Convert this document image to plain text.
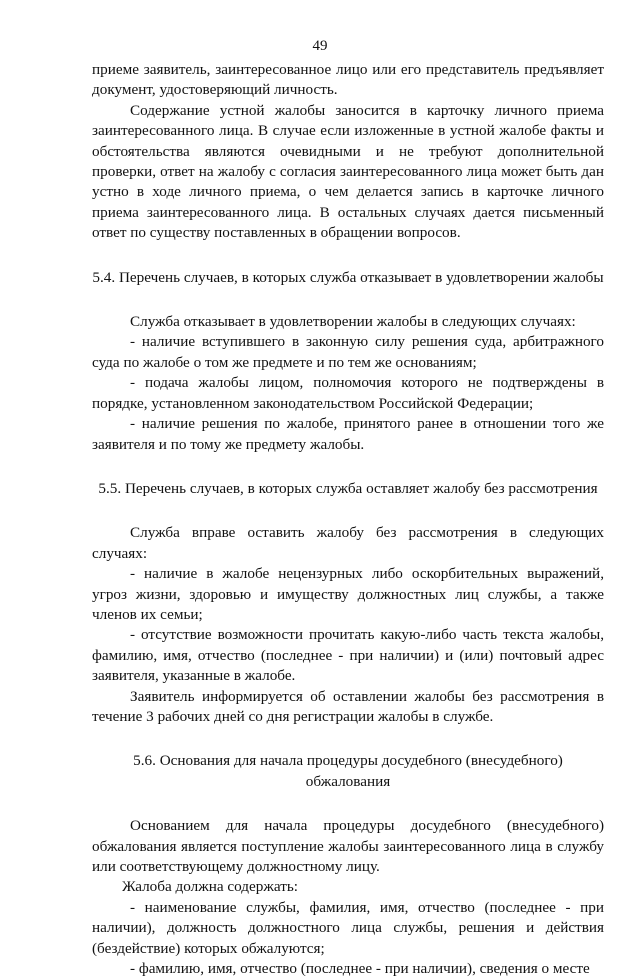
49

приеме заявитель, заинтересованное лицо или его представитель предъявляет документ, удостоверяющий личность.

Содержание устной жалобы заносится в карточку личного приема заинтересованного лица. В случае если изложенные в устной жалобе факты и обстоятельства являются очевидными и не требуют дополнительной проверки, ответ на жалобу с согласия заинтересованного лица может быть дан устно в ходе личного приема, о чем делается запись в карточке личного приема заинтересованного лица. В остальных случаях дается письменный ответ по существу поставленных в обращении вопросов.

5.4. Перечень случаев, в которых служба отказывает в удовлетворении жалобы

Служба отказывает в удовлетворении жалобы в следующих случаях:

- наличие вступившего в законную силу решения суда, арбитражного суда по жалобе о том же предмете и по тем же основаниям;

- подача жалобы лицом, полномочия которого не подтверждены в порядке, установленном законодательством Российской Федерации;

- наличие решения по жалобе, принятого ранее в отношении того же заявителя и по тому же предмету жалобы.

5.5. Перечень случаев, в которых служба оставляет жалобу без рассмотрения

Служба вправе оставить жалобу без рассмотрения в следующих случаях:

- наличие в жалобе нецензурных либо оскорбительных выражений, угроз жизни, здоровью и имуществу должностных лиц службы, а также членов их семьи;

- отсутствие возможности прочитать какую-либо часть текста жалобы, фамилию, имя, отчество (последнее - при наличии) и (или) почтовый адрес заявителя, указанные в жалобе.

Заявитель информируется об оставлении жалобы без рассмотрения в течение 3 рабочих дней со дня регистрации жалобы в службе.

5.6. Основания для начала процедуры досудебного (внесудебного) обжалования

Основанием для начала процедуры досудебного (внесудебного) обжалования является поступление жалобы заинтересованного лица в службу или соответствующему должностному лицу.

Жалоба должна содержать:

- наименование службы, фамилия, имя, отчество (последнее - при наличии), должность должностного лица службы, решения и действия (бездействие) которых обжалуются;

- фамилию, имя, отчество (последнее - при наличии), сведения о месте
